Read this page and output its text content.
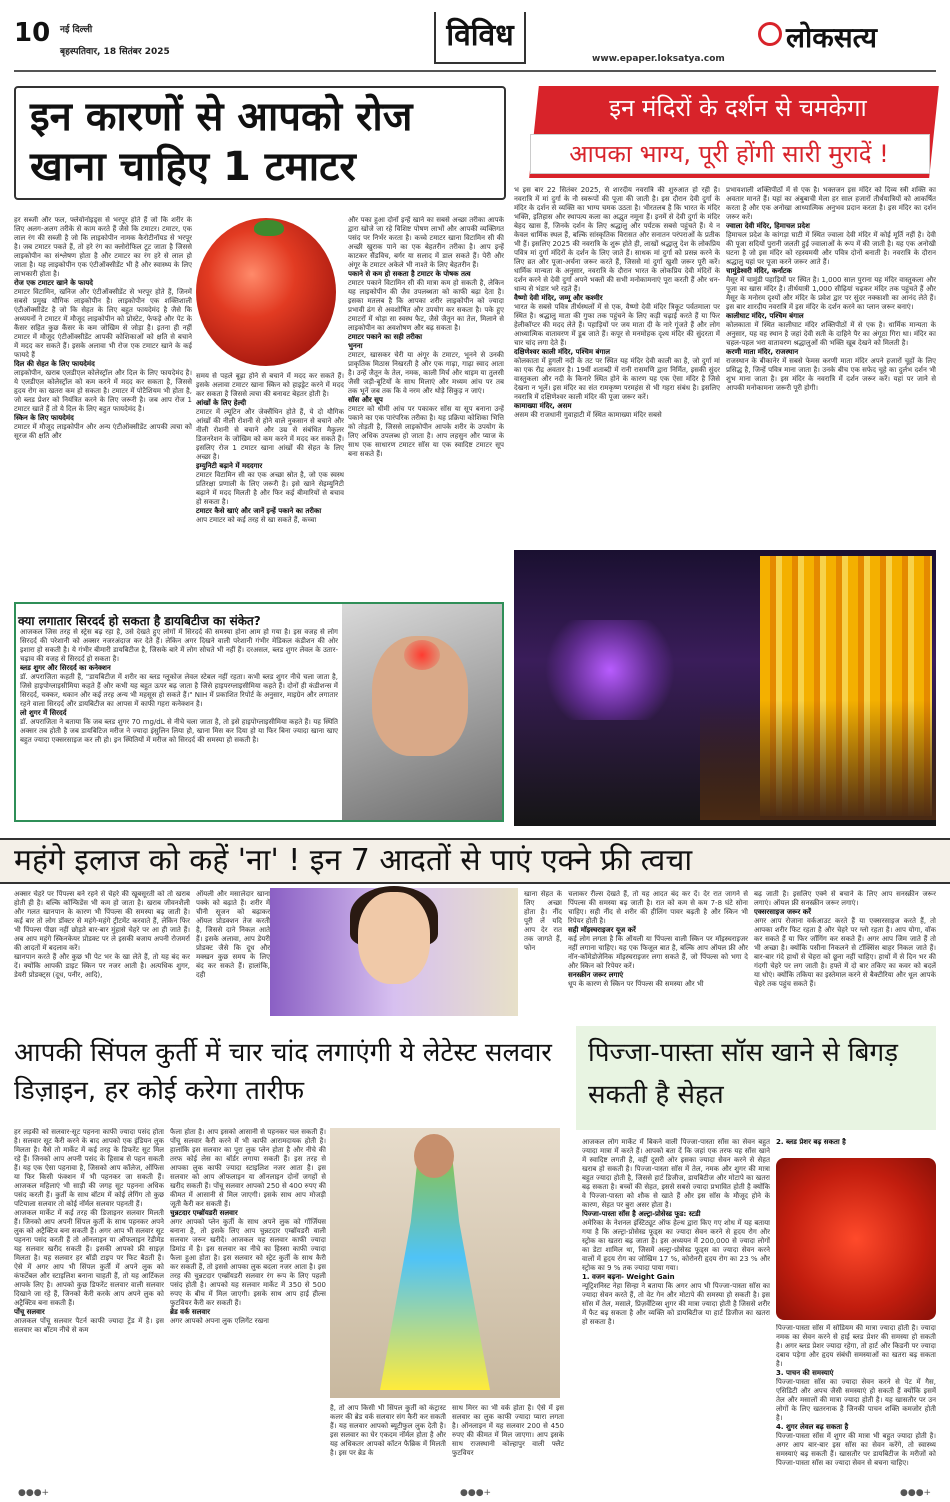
10 नई दिल्ली
बृहस्पतिवार, 18 सितंबर 2025	विविध
www.epaper.loksatya.com
लोकसत्य
इन कारणों से आपको रोज खाना चाहिए 1 टमाटर
हर सब्जी और फल, फ्लेवोनोइड्स से भरपूर होते हैं जो कि शरीर के लिए अलग-अलग तरीके से काम करते हैं जैसे कि टमाटर। टमाटर, एक लाल रंग की सब्जी है जो कि लाइकोपीन नामक कैरोटीनॉयड से भरपूर है। जब टमाटर पकते हैं, तो हरे रंग का क्लोरोफिल टूट जाता है जिससे लाइकोपीन का संश्लेषण होता है और टमाटर का रंग हरे से लाल हो जाता है। यह लाइकोपीन एक एंटीऑक्सीडेंट भी है और स्वास्थ्य के लिए लाभकारी होता है।
रोज एक टमाटर खाने के फायदे
टमाटर विटामिन, खनिज और एंटीऑक्सीडेंट से भरपूर होते हैं, जिनमें सबसे प्रमुख यौगिक लाइकोपीन है। लाइकोपीन एक शक्तिशाली एंटीऑक्सीडेंट है जो कि सेहत के लिए बहुत फायदेमंद है जैसे कि अध्ययनों ने टमाटर में मौजूद लाइकोपीन को प्रोस्टेट, फेफड़े और पेट के कैंसर सहित कुछ कैंसर के कम जोखिम से जोड़ा है। इतना ही नहीं टमाटर में मौजूद एंटीऑक्सीडेंट आपकी कोशिकाओं को क्षति से बचाने में मदद कर सकते हैं। इसके अलावा भी रोज एक टमाटर खाने के कई फायदे हैं
दिल की सेहत के लिए फायदेमंद
लाइकोपीन, खराब एलडीएल कोलेस्ट्रॉल और दिल के लिए फायदेमंद है। ये एलडीएल कोलेस्ट्रॉल को कम करने में मदद कर सकता है, जिससे हृदय रोग का खतरा कम हो सकता है। टमाटर में पोटैशियम भी होता है, जो ब्लड प्रेशर को नियंत्रित करने के लिए जरूरी है। जब आप रोज 1 टमाटर खाते हैं तो ये दिल के लिए बहुत फायदेमंद है।
स्किन के लिए फायदेमंद
टमाटर में मौजूद लाइकोपीन और अन्य एंटीऑक्सीडेंट आपकी त्वचा को सूरज की क्षति और
समय से पहले बूढ़ा होने से बचाने में मदद कर सकते हैं। इसके अलावा टमाटर खाना स्किन को हाइड्रेट करने में मदद कर सकता है जिससे त्वचा की बनावट बेहतर होती है।
आंखों के लिए हेल्दी
टमाटर में ल्यूटिन और जेक्सैंथिन होते हैं, ये दो यौगिक आंखों की नीली रोशनी से होने वाले नुकसान से बचाने और नीली रोशनी से बचाने और उम्र से संबंधित मैकुलर डिजनरेशन के जोखिम को कम करने में मदद कर सकते हैं। इसलिए रोज 1 टमाटर खाना आंखों की सेहत के लिए अच्छा है।
इम्युनिटी बढ़ाने में मददगार
टमाटर विटामिन सी का एक अच्छा स्रोत है, जो एक स्वस्थ प्रतिरक्षा प्रणाली के लिए जरूरी है। इसे खाने सेइम्युनिटी बढ़ाने में मदद मिलती है और फिर कई बीमारियों से बचाव हो सकता है।
टमाटर कैसे खाएं और जानें इन्हें पकाने का तरीका
आप टमाटर को कई तरह से खा सकते हैं, कच्चा
और पका हुआ दोनों इन्हें खाने का सबसे अच्छा तरीका आपके द्वारा खोजे जा रहे विशिष्ट पोषण लाभों और आपकी व्यक्तिगत पसंद पर निर्भर करता है। कच्चे टमाटर खाना विटामिन सी की अच्छी खुराक पाने का एक बेहतरीन तरीका है। आप इन्हें काटकर सैंडविच, बर्गर या सलाद में डाल सकते हैं। पेरी और अंगूर के टमाटर अकेले भी नाश्ते के लिए बेहतरीन हैं।
पकाने से कम हो सकता है टमाटर के पोषक तत्व
टमाटर पकाने विटामिन सी की मात्रा कम हो सकती है, लेकिन यह लाइकोपीन की जैव उपलब्धता को काफी बढ़ा देता है। इसका मतलब है कि आपका शरीर लाइकोपीन को ज्यादा प्रभावी ढंग से अवशोषित और उपयोग कर सकता है। पके हुए टमाटरों में थोड़ा सा स्वस्थ फैट, जैसे जैतून का तेल, मिलाने से लाइकोपीन का अवशोषण और बढ़ सकता है।
टमाटर पकाने का सही तरीका
भुनना
टमाटर, खासकर चेरी या अंगूर के टमाटर, भूनने से उनकी प्राकृतिक मिठास निखरती है और एक गाढ़ा, गाढ़ा स्वाद आता है। उन्हें जैतून के तेल, नमक, काली मिर्च और थाइम या तुलसी जैसी जड़ी-बूटियों के साथ मिलाएं और मध्यम आंच पर तब तक भूनें जब तक कि वे नरम और थोड़े सिकुड़ न जाएं।
सॉस और सूप
टमाटर को धीमी आंच पर पकाकर सॉस या सूप बनाना उन्हें पकाने का एक पारंपरिक तरीका है। यह प्रक्रिया कोशिका भित्ति को तोड़ती है, जिससे लाइकोपीन आपके शरीर के उपयोग के लिए अधिक उपलब्ध हो जाता है। आप लहसुन और प्याज के साथ एक साधारण टमाटर सॉस या एक स्वादिष्ट टमाटर सूप बना सकते हैं।
इन मंदिरों के दर्शन से चमकेगा
आपका भाग्य, पूरी होंगी सारी मुरादें !
भ इस बार 22 सितंबर 2025, से शारदीय नवरात्रि की शुरुआत हो रही है। नवरात्रि में मां दुर्गा के नौ स्वरूपों की पूजा की जाती है। इस दौरान देवी दुर्गा के मंदिर के दर्शन से व्यक्ति का भाग्य चमक उठता है। भीरतलब है कि भारत के मंदिर भक्ति, इतिहास और स्थापत्य कला का अद्भुत नमूना हैं। इनमें से देवी दुर्गा के मंदिर बेहद खास हैं, जिनके दर्शन के लिए श्रद्धालु और पर्यटक सबसे पहुंचते हैं। ये न केवल धार्मिक स्थल हैं, बल्कि सांस्कृतिक विरासत और सनातन परंपराओं के प्रतीक भी हैं। इसलिए 2025 की नवरात्रि के शुरू होते ही, लाखों श्रद्धालु देश के लोकप्रिय पवित्र मां दुर्गा मंदिरों के दर्शन के लिए जाते हैं। साधक मां दुर्गा को प्रसन्न करने के लिए व्रत और पूजा-अर्चना जरूर करते हैं, जिससे मां दुर्गा खुशी जरूर पूरी करें। धार्मिक मान्यता के अनुसार, नवरात्रि के दौरान भारत के लोकप्रिय देवी मंदिरों के दर्शन करने से देवी दुर्गा अपने भक्तों की सभी मनोकामनाएं पूरा करती हैं और धन-धान्य से भंडार भरे रहते हैं।
वैष्णो देवी मंदिर, जम्मू और कश्मीर
भारत के सबसे पवित्र तीर्थस्थलों में से एक, वैष्णो देवी मंदिर त्रिकूट पर्वतमाला पर स्थित है। श्रद्धालु माता की गुफा तक पहुंचने के लिए कड़ी चढ़ाई करते हैं या फिर हेलीकॉप्टर की मदद लेते हैं। पहाड़ियों पर जय माता दी के नारे गूंजते हैं और लोग आध्यात्मिक वातावरण में डूब जाते हैं। कपूर से मनमोहक दृश्य मंदिर की सुंदरता में चार चांद लगा देते हैं।
दक्षिणेश्वर काली मंदिर, पश्चिम बंगाल
कोलकाता में हुगली नदी के तट पर स्थित यह मंदिर देवी काली का है, जो दुर्गा मां का एक रौद्र अवतार है। 19वीं शताब्दी में रानी रासमणि द्वारा निर्मित, इसकी सुंदर वास्तुकला और नदी के किनारे स्थित होने के कारण यह एक ऐसा मंदिर है जिसे देखना न भूलें। इस मंदिर का संत रामकृष्ण परमहंस से भी गहरा संबंध है। इसलिए नवरात्रि में दक्षिणेश्वर काली मंदिर की पूजा जरूर करें।
कामाख्या मंदिर, असम
असम की राजधानी गुवाहाटी में स्थित कामाख्या मंदिर सबसे
प्रभावशाली शक्तिपीठों में से एक है। भक्तजन इस मंदिर को दिव्य स्त्री शक्ति का अवतार मानते हैं। यहां का अंबुबाची मेला हर साल हजारों तीर्थयात्रियों को आकर्षित करता है और एक अनोखा आध्यात्मिक अनुभव प्रदान करता है। इस मंदिर का दर्शन जरूर करें।
ज्वाला देवी मंदिर, हिमाचल प्रदेश
हिमाचल प्रदेश के कांगड़ा घाटी में स्थित ज्वाला देवी मंदिर में कोई मूर्ति नहीं है। देवी की पूजा सदियों पुरानी जलती हुई ज्वालाओं के रूप में की जाती है। यह एक अनोखी घटना है जो इस मंदिर को रहस्यमयी और पवित्र दोनों बनाती है। नवरात्रि के दौरान श्रद्धालु यहां पर पूजा करने जरूर आते हैं।
चामुंडेश्वरी मंदिर, कर्नाटक
मैसूर में चामुंडी पहाड़ियों पर स्थित है। 1,000 साल पुराना यह मंदिर वास्तुकला और पूजा का खास मंदिर है। तीर्थयात्री 1,000 सीढ़ियां चढ़कर मंदिर तक पहुंचते हैं और मैसूर के मनोरम दृश्यों और मंदिर के प्रवेश द्वार पर सुंदर नक्काशी का आनंद लेते हैं। इस बार शारदीय नवरात्रि में इस मंदिर के दर्शन करने का प्लान जरूर बनाएं।
कालीघाट मंदिर, पश्चिम बंगाल
कोलकाता में स्थित कालीघाट मंदिर शक्तिपीठों में से एक है। धार्मिक मान्यता के अनुसार, यह वह स्थान है जहां देवी सती के दाहिने पैर का अंगूठा गिरा था। मंदिर का चहल-पहल भरा वातावरण श्रद्धालुओं की भक्ति खूब देखने को मिलती है।
करणी माता मंदिर, राजस्थान
राजस्थान के बीकानेर में सबसे फेमस करणी माता मंदिर अपने हजारों चूहों के लिए प्रसिद्ध है, जिन्हें पवित्र माना जाता है। उनके बीच एक सफेद चूहे का दुर्लभ दर्शन भी शुभ माना जाता है। इस मंदिर के नवरात्रि में दर्शन जरूर करें। यहां पर जाने से आपकी मनोकामना जरूरी पूरी होगी।
क्या लगातार सिरदर्द हो सकता है डायबिटीज का संकेत?
आजकल जिस तरह से स्ट्रेस बढ़ रहा है, उसे देखते हुए लोगों में सिरदर्द की समस्या होना आम हो गया है। इस वजह से लोग सिरदर्द की परेशानी को अक्सर नजरअंदाज कर देते हैं। लेकिन अगर दिखने वाली परेशानी गंभीर मेडिकल कंडीशन की ओर इशारा हो सकती है। ये गंभीर बीमारी डायबिटीज है, जिसके बारे में लोग सोचते भी नहीं हैं। दरअसल, ब्लड शुगर लेवल के उतार-चढ़ाव की वजह से सिरदर्द हो सकता है।
ब्लड शुगर और सिरदर्द का कनेक्शन
डॉ. अपराजिता कहती हैं, "डायबिटीज में शरीर का ब्लड ग्लूकोज लेवल स्टेबल नहीं रहता। कभी ब्लड शुगर नीचे चला जाता है, जिसे हाइपोग्लाइसीमिया कहते हैं और कभी यह बहुत ऊपर बढ़ जाता है जिसे हाइपरग्लाइसीमिया कहते हैं। दोनों ही कंडीशन्स में सिरदर्द, चक्कर, थकान और कई तरह अन्य भी महसूस हो सकते हैं।" NIH में प्रकाशित रिपोर्ट के अनुसार, माइग्रेन और लगातार रहने वाला सिरदर्द और डायबिटीज का आपस में काफी गहरा कनेक्शन है।
लो शुगर में सिरदर्द
डॉ. अपराजिता ने बताया कि जब ब्लड शुगर 70 mg/dL से नीचे चला जाता है, तो इसे हाइपोग्लाइसीमिया कहते हैं। यह स्थिति अक्सर तब होती है जब डायबिटिज मरीज ने ज्यादा इंसुलिन लिया हो, खाना मिस कर दिया हो या फिर बिना ज्यादा खाना खाए बहुत ज्यादा एक्सरसाइज कर ली हो। इन स्थितियों में मरीज को सिरदर्द की समस्या हो सकती है।
महंगे इलाज को कहें 'ना' ! इन 7 आदतों से पाएं एक्ने फ्री त्वचा
अक्सर चेहरे पर पिंपल्स बने रहने से चेहरे की खूबसूरती को तो खराब होती ही है। बल्कि कॉन्फिडेंस भी कम हो जाता है। खराब जीवनशैली और गलत खानपान के कारण भी पिंपल्स की समस्या बढ़ जाती है। कई बार तो लोग डॉक्टर से महंगे-महंगे ट्रीटमेंट करवाते हैं, लेकिन फिर भी पिंपल्स पीछा नहीं छोड़ते बार-बार मुंहासे चेहरे पर आ ही जाते हैं। अब आप महंगे स्किनकेयर प्रोडक्ट पर ले इसकी बजाय अपनी रोजमर्रा की आदतों में बदलाव करें।
खानपान करते हैं और कुछ भी पेट भर के खा लेते हैं, तो यह बंद कर दें। क्योंकि आपकी डाइट स्किन पर नजर आती है। अत्यधिक शुगर, डेयरी प्रोडक्ट्स (दूध, पनीर, आदि),
ऑयली और मसालेदार खाना पक्के को बढ़ाते हैं। शरीर में चीनी सूजन को बढ़ाकर ऑयल प्रोडक्शन तेज करती है, जिससे दाने निकल आते हैं। इसके अलावा, आप डेयरी प्रोडक्ट जैसे कि दूध और मक्खन कुछ समय के लिए बंद कर सकते हैं। हालांकि, दही
खाना सेहत के लिए अच्छा होता है। नींद पूरी लें यदि आप देर रात तक जागते हैं, फोन
चलाकर रील्स देखते हैं, तो यह आदत बंद कर दें। देर रात जागने से पिंपल्स की समस्या बढ़ जाती है। रात को कम से कम 7-8 घंटे सोना चाहिए। सही नींद से शरीर की हीलिंग पावर बढ़ती है और स्किन भी रिपेयर होती है।
सही मॉइस्चराइजर यूज करें
कई लोग लगता है कि ऑयली या पिंपल्स वाली स्किन पर मॉइस्चराइजर नहीं लगाना चाहिए। यह एक फिजूल बात है, बल्कि आप ऑयल फ्री और नॉन-कॉमेडोजेनिक मॉइस्चराइजर लगा सकते हैं, जो पिंपल्स को भगा दे और स्किन को रिपेयर करें।
सनस्क्रीन जरूर लगाएं
धूप के कारण से स्किन पर पिंपल्स की समस्या और भी
बढ़ जाती है। इसलिए एक्ने से बचाने के लिए आप सनस्क्रीन जरूर लगाएं। ऑयल फ्री सनस्क्रीन जरूर लगाएं।
एक्सरसाइज जरूर करें
अगर आप रोजाना वर्कआउट करते हैं या एक्सरसाइज करते हैं, तो आपका शरीर फिट रहता है और चेहरे पर ग्लो रहता है। आप योगा, वॉक कर सकते हैं या फिर जॉगिंग कर सकते हैं। अगर आप जिम जाते हैं तो भी अच्छा है। क्योंकि पसीना निकलने से टॉक्सिंस बाहर निकल जाते हैं। बार-बार गंदे हाथों से चेहरा को छूना नहीं चाहिए। हाथों में से दिन भर की गंदगी चेहरे पर लग जाती है। हफ्ते में दो बार तकिए का कवर को बदलें या धोएं। क्योंकि तकिया का इस्तेमाल करने से बैक्टीरिया और धूल आपके चेहरे तक पहुंच सकते हैं।
आपकी सिंपल कुर्ती में चार चांद लगाएंगी ये लेटेस्ट सलवार डिज़ाइन, हर कोई करेगा तारीफ
हर लड़की को सलवार-सूट पहनना काफी ज्यादा पसंद होता है। सलवार सूट कैरी करने के बाद आपको एक इंडियन लुक मिलता है। वैसे तो मार्केट में कई तरह के डिफरेंट सूट मिल रहे हैं। जिनको आप अपनी पसंद के हिसाब से पहन सकती हैं। यह एक ऐसा पहनावा है, जिसको आप कॉलेज, ऑफिस या फिर किसी फंक्शन में भी पहनकर जा सकती हैं। आजकल महिलाएं भी साड़ी की जगह सूट पहनना अधिक पसंद करती हैं। कुर्ती के साथ बॉटम में कोई लेगिंग तो कुछ पटियाला सलवार तो कोई नॉर्मल सलवार पहनती हैं।
आजकल मार्केट में कई तरह की डिजाइनर सलवार मिलती हैं। जिनको आप अपनी सिंपल कुर्ती के साथ पहनकर अपने लुक को अट्रैक्टिव बना सकती हैं। अगर आप भी सलवार सूट पहनना पसंद करती हैं तो ऑनलाइन या ऑफलाइन रेडीमेड यह सलवार खरीद सकती हैं। इसकी आपको फ्री साइज़ मिलता है। यह सलवार हर बॉडी टाइप पर फिट बैठती है। ऐसे में अगर आप भी सिंपल कुर्ती में अपने लुक को कंफर्टेबल और स्टाइलिश बनाना चाहती हैं, तो यह आर्टिकल आपके लिए है। आपको कुछ डिफरेंट सलवार वाली सलवार दिखाने जा रहे हैं, जिनको कैरी करके आप अपने लुक को अट्रैक्टिव बना सकती हैं।
पोंचू सलवार
आजकल पोंचू सलवार पैटर्न काफी ज्यादा ट्रेंड में है। इस सलवार का बॉटम नीचे से कम
फैला होता है। आप इसको आसानी से पहनकर चल सकती हैं। पोंचू सलवार कैरी करने में भी काफी आरामदायक होती है। हालांकि इस सलवार का पूरा लुक प्लेन होता है और नीचे की तरफ कोई लेस का बॉर्डर लगाया सकती हैं। इस तरह से आपका लुक काफी ज्यादा स्टाइलिश नजर आता है। इस सलवार को आप ऑफलाइन या ऑनलाइन दोनों जगहों से खरीद सकती हैं। पोंचू सलवार आपको 250 से 400 रुपए की कीमत में आसानी से मिल जाएगी। इसके साथ आप मोजड़ी जूती कैरी कर सकती हैं।
चुन्नटदार एम्ब्रॉयडरी सलवार
अगर आपको प्लेन कुर्ती के साथ अपने लुक को गॉर्जियस बनाना है, तो इसके लिए आप चुन्नटदार एम्ब्रॉयडरी वाली सलवार जरूर खरीदें। आजकल यह सलवार काफी ज्यादा डिमांड में है। इस सलवार का नीचे का हिस्सा काफी ज्यादा फैला हुआ होता है। इस सलवार को स्ट्रेट कुर्ती के साथ कैरी कर सकती हैं, तो इससे आपका लुक बदला नजर आता है। इस तरह की चुन्नटदार एम्ब्रॉयडरी सलवार रंग रूप के लिए पहली पसंद होती है। आपको यह सलवार मार्केट में 350 से 500 रुपए के बीच में मिल जाएगी। इसके साथ आप हाई हील्स फुटवियर कैरी कर सकती हैं।
ब्रेड वर्क सलवार
अगर आपको अपना लुक एलिगेंट रखना
है, तो आप किसी भी सिंपल कुर्ती को कंट्रास्ट कलर की ब्रेड वर्क सलवार संग कैरी कर सकती हैं। यह सलवार आपको ब्यूटीफुल लुक देती है। इस सलवार का घेर एकदम नॉर्मल होता है और यह अधिकतर आपको कॉटन फैब्रिक में मिलती है। इस पर ब्रेड के
साथ मिरर का भी वर्क होता है। ऐसे में इस सलवार का लुक काफी ज्यादा प्यारा लगता है। ऑनलाइन में यह सलवार 200 से 450 रुपए की कीमत में मिल जाएगा। आप इसके साथ राजस्थानी कोल्हापुर वाली फ्लैट फुटवियर
पिज्जा-पास्ता सॉस खाने से बिगड़ सकती है सेहत
आजकल लोग मार्केट में बिकने वाली पिज्जा-पास्ता सॉस का सेवन बहुत ज्यादा मात्रा में करते हैं। आपको बता दें कि जहां एक तरफ यह सॉस खाने में स्वादिष्ट लगती है, वहीं दूसरी ओर इसका ज्यादा सेवन करने से सेहत खराब हो सकती है। पिज्जा-पास्ता सॉस में तेल, नमक और शुगर की मात्रा बहुत ज्यादा होती है, जिससे हार्ट डिजीज, डायबिटीज और मोटापे का खतरा बढ़ सकता है। बच्चों की सेहत, इससे सबसे ज्यादा प्रभावित होती है क्योंकि वे पिज्जा-पास्ता को शौक से खाते हैं और इस सॉस के मौजूद होने के कारण, सेहत पर बुरा असर होता है।
पिज्जा-पास्ता सॉस है अल्ट्रा-प्रोसेस्ड फूड: स्टडी
अमेरिका के नेशनल इंस्टिट्यूट ऑफ हेल्थ द्वारा किए गए शोध में यह बताया गया है कि अल्ट्रा-प्रोसेस्ड फूड्स का ज्यादा सेवन करने से हृदय रोग और स्ट्रोक का खतरा बढ़ जाता है। इस अध्ययन में 200,000 से ज्यादा लोगों का डेटा शामिल था, जिसमें अल्ट्रा-प्रोसेस्ड फूड्स का ज्यादा सेवन करने वालों में हृदय रोग का जोखिम 17 %, कोरोनरी हृदय रोग का 23 % और स्ट्रोक का 9 % तक ज्यादा पाया गया।
1. वजन बढ़ना- Weight Gain
न्यूट्रिशनिस्ट नेहा सिन्हा ने बताया कि अगर आप भी पिज्जा-पास्ता सॉस का ज्यादा सेवन करते हैं, तो वेट गेन और मोटापे की समस्या हो सकती है। इस सॉस में तेल, मसाले, प्रिज़र्वेटिव्स शुगर की मात्रा ज्यादा होती है जिससे शरीर में फैट बढ़ सकता है और व्यक्ति को डायबिटीज या हार्ट डिजीज का खतरा हो सकता है।
2. ब्लड प्रेशर बढ़ सकता है
पिज्जा-पास्ता सॉस में सोडियम की मात्रा ज्यादा होती है। ज्यादा नमक का सेवन करने से हाई ब्लड प्रेशर की समस्या हो सकती है। अगर ब्लड प्रेशर ज्यादा रहेगा, तो हार्ट और किडनी पर ज्यादा दबाव पड़ेगा और हृदय संबंधी समस्याओं का खतरा बढ़ सकता है।
3. पाचन की समस्याएं
पिज्जा-पास्ता सॉस का ज्यादा सेवन करने से पेट में गैस, एसिडिटी और अपच जैसी समस्याएं हो सकती हैं क्योंकि इसमें तेल और मसालों की मात्रा ज्यादा होती है। यह खासतौर पर उन लोगों के लिए खतरनाक है जिनकी पाचन शक्ति कमजोर होती है।
4. शुगर लेवल बढ़ सकता है
पिज्जा-पास्ता सॉस में शुगर की मात्रा भी बहुत ज्यादा होती है। अगर आप बार-बार इस सॉस का सेवन करेंगे, तो स्वास्थ्य समस्याएं बढ़ सकती हैं। खासतौर पर डायबिटीज के मरीजों को पिज्जा-पास्ता सॉस का ज्यादा सेवन से बचना चाहिए।
●●●+	●●●+	●●●+
